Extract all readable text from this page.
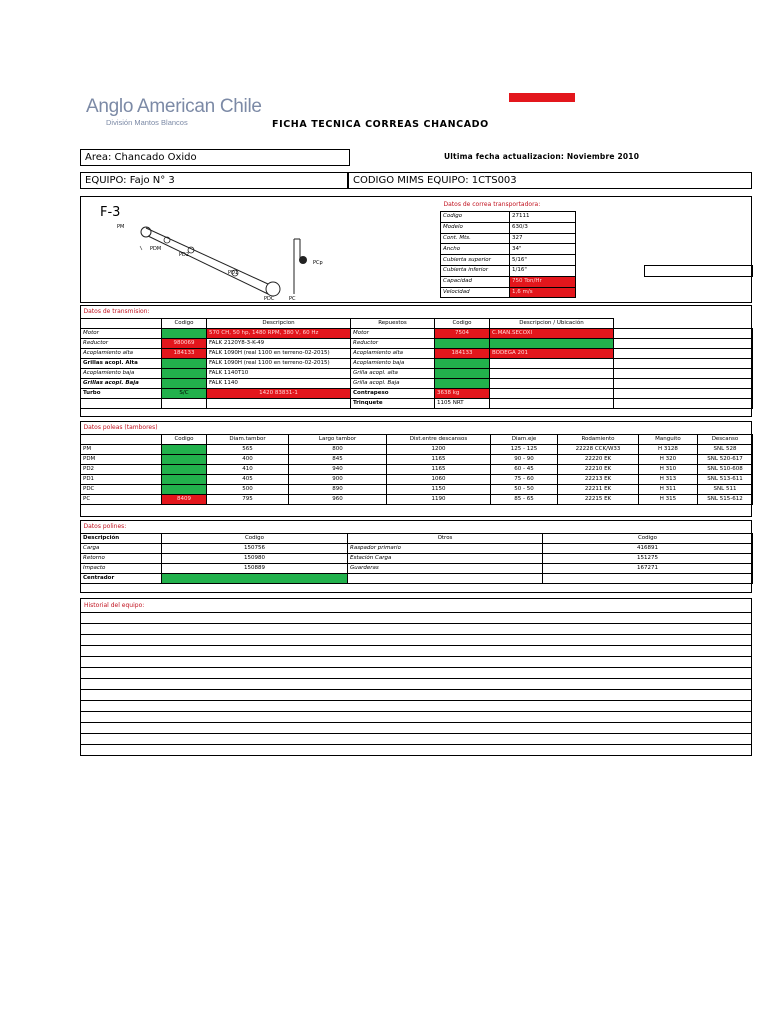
Anglo American Chile
División Mantos Blancos	FICHA TECNICA CORREAS CHANCADO
Area: Chancado Oxido	Ultima fecha actualizacion: Noviembre 2010
EQUIPO: Fajo N° 3	CODIGO MIMS EQUIPO: 1CTS003
F-3
PM
PDM
PD2
PD1
PDC	PC
PCp
Datos de correa transportadora:			
Codigo	27111		
Modelo	630/3		
Cont. Mts.	327		
Ancho	34"		
Cubierta superior	5/16"		
Cubierta inferior	1/16"		
Capacidad	750 Ton/Hr		
Velocidad	1,6 m/s		
Datos de transmision:						
	Codigo	Descripcion	Repuestos	Codigo	Descripcion / Ubicación	
Motor		570 CH, 50 hp, 1480 RPM, 380 V, 60 Hz	Motor	7504	C.MAN.SECOXI	
Reductor	980069	FALK 2120Y8-3-K-49	Reductor			
Acoplamiento alta	184133	FALK 1090H (real 1100 en terreno-02-2015)	Acoplamiento alta	184133	BODEGA 201	
Grillas acopl. Alta		FALK 1090H (real 1100 en terreno-02-2015)	Acoplamiento baja			
Acoplamiento baja		FALK 1140T10	Grilla acopl. alta			
Grillas acopl. Baja		FALK 1140	Grilla acopl. Baja			
Turbo	S/C	1420 83831-1	Contrapeso	3638 kg		
			Trinquete	1105 NRT		
Datos poleas (tambores)								
	Codigo	Diam.tambor	Largo tambor	Dist.entre descansos	Diam.eje	Rodamiento	Manguito	Descanso
PM		565	800	1200	125 - 125	22228 CCK/W33	H 3128	SNL 528
PDM		400	845	1165	90 - 90	22220 EK	H 320	SNL 520-617
PD2		410	940	1165	60 - 45	22210 EK	H 310	SNL 510-608
PD1		405	900	1060	75 - 60	22213 EK	H 313	SNL 513-611
PDC		500	890	1150	50 - 50	22211 EK	H 311	SNL 511
PC	8409	795	960	1190	85 - 65	22215 EK	H 315	SNL 515-612
Datos polines:			
Descripción	Codigo	Otros	Codigo
Carga	150756	Raspador primario	416891
Retorno	150980	Estación Carga	151275
Impacto	150889	Guarderas	167271
Centrador			
Historial del equipo:
